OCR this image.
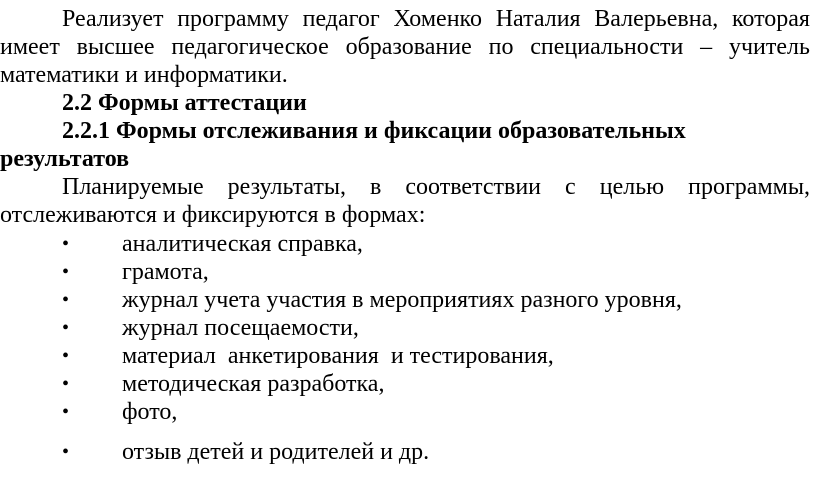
Реализует программу педагог Хоменко Наталия Валерьевна, которая
имеет высшее педагогическое образование по специальности – учитель
математики и информатики.
2.2 Формы аттестации
2.2.1 Формы отслеживания и фиксации образовательных
результатов
Планируемые результаты, в соответствии с целью программы,
отслеживаются и фиксируются в формах:
• аналитическая справка,
• грамота,
• журнал учета участия в мероприятиях разного уровня,
• журнал посещаемости,
• материал  анкетирования  и тестирования,
• методическая разработка,
• фото,
• отзыв детей и родителей и др.
